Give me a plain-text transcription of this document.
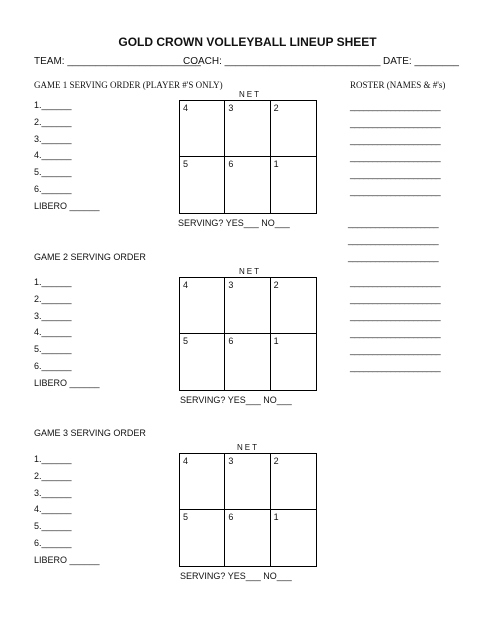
GOLD CROWN VOLLEYBALL LINEUP SHEET
TEAM: ________________________
COACH: ____________________________ DATE: ________
ROSTER (NAMES & #'s)
____________________
____________________
____________________
____________________
____________________
____________________
____________________
____________________
____________________
____________________
____________________
____________________
____________________
____________________
____________________
GAME 1 SERVING ORDER (PLAYER #'S ONLY)
1.______
2.______
3.______
4.______
5.______
6.______
LIBERO ______
NET
4	3	2
5	6	1
SERVING? YES___ NO___
GAME 2 SERVING ORDER
1.______
2.______
3.______
4.______
5.______
6.______
LIBERO ______
NET
4	3	2
5	6	1
SERVING? YES___ NO___
GAME 3 SERVING ORDER
1.______
2.______
3.______
4.______
5.______
6.______
LIBERO ______
NET
4	3	2
5	6	1
SERVING? YES___ NO___
